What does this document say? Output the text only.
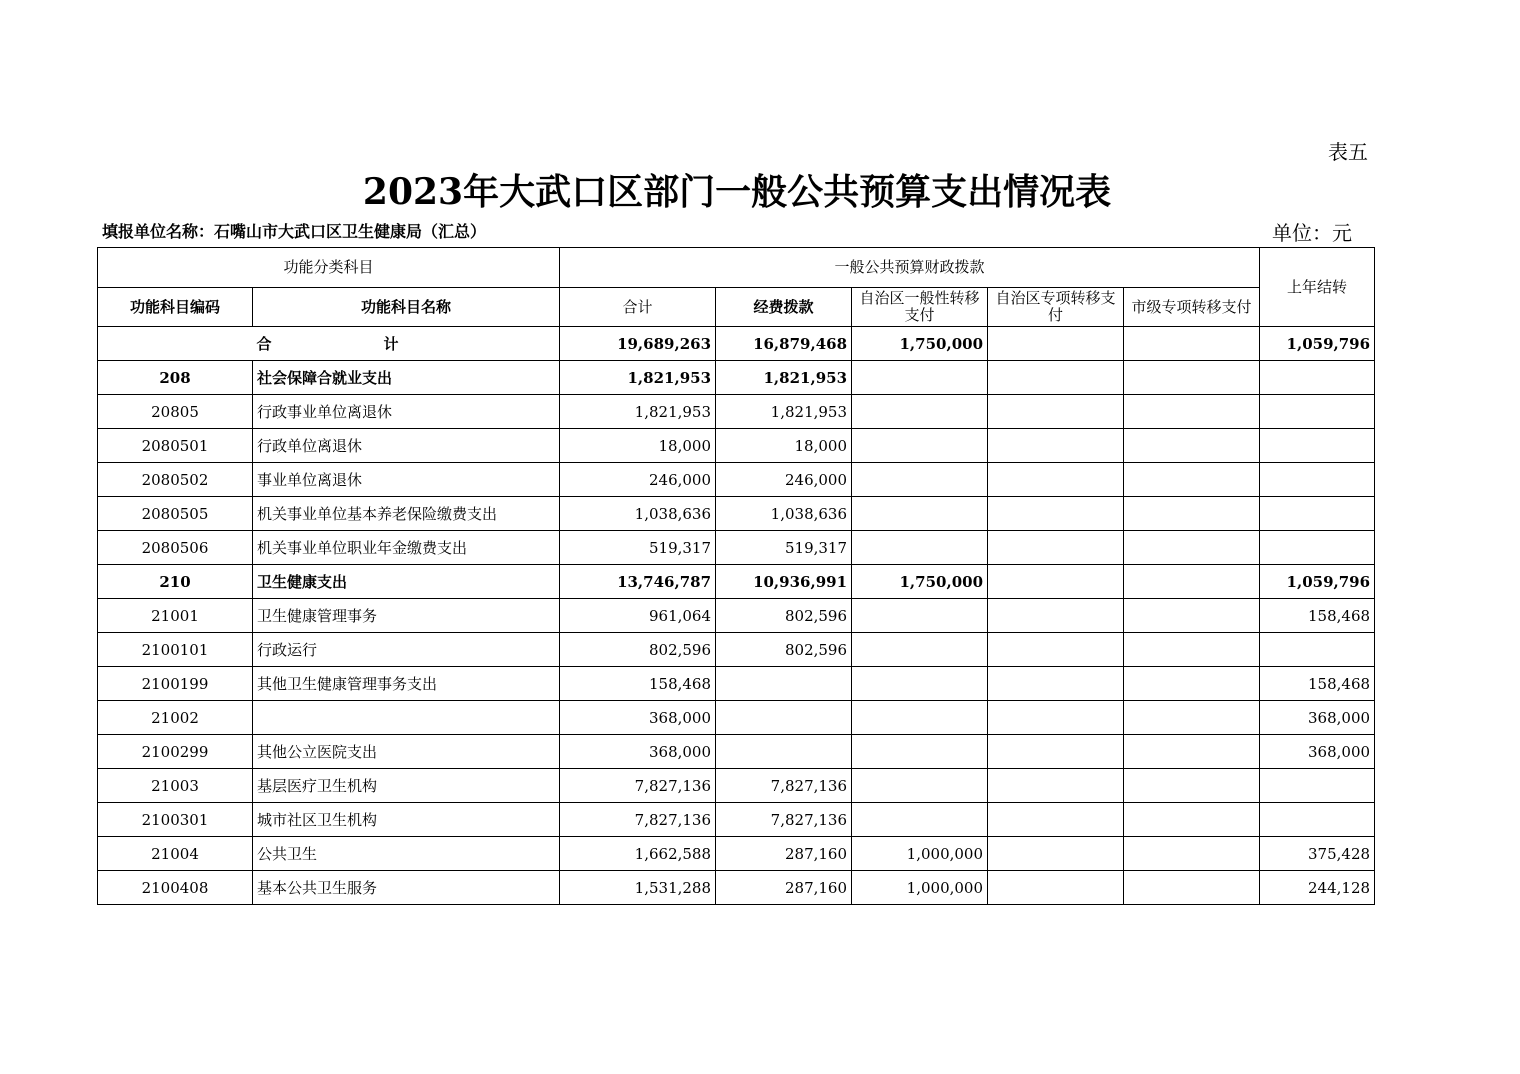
表五
2023年大武口区部门一般公共预算支出情况表
填报单位名称：石嘴山市大武口区卫生健康局（汇总）	单位：元
功能分类科目		一般公共预算财政拨款					上年结转
功能科目编码	功能科目名称	合计	经费拨款	自治区一般性转移支付	自治区专项转移支付	市级专项转移支付	
合 计		19,689,263	16,879,468	1,750,000			1,059,796
208	社会保障合就业支出	1,821,953	1,821,953				
20805	行政事业单位离退休	1,821,953	1,821,953				
2080501	行政单位离退休	18,000	18,000				
2080502	事业单位离退休	246,000	246,000				
2080505	机关事业单位基本养老保险缴费支出	1,038,636	1,038,636				
2080506	机关事业单位职业年金缴费支出	519,317	519,317				
210	卫生健康支出	13,746,787	10,936,991	1,750,000			1,059,796
21001	卫生健康管理事务	961,064	802,596				158,468
2100101	行政运行	802,596	802,596				
2100199	其他卫生健康管理事务支出	158,468					158,468
21002		368,000					368,000
2100299	其他公立医院支出	368,000					368,000
21003	基层医疗卫生机构	7,827,136	7,827,136				
2100301	城市社区卫生机构	7,827,136	7,827,136				
21004	公共卫生	1,662,588	287,160	1,000,000			375,428
2100408	基本公共卫生服务	1,531,288	287,160	1,000,000			244,128
